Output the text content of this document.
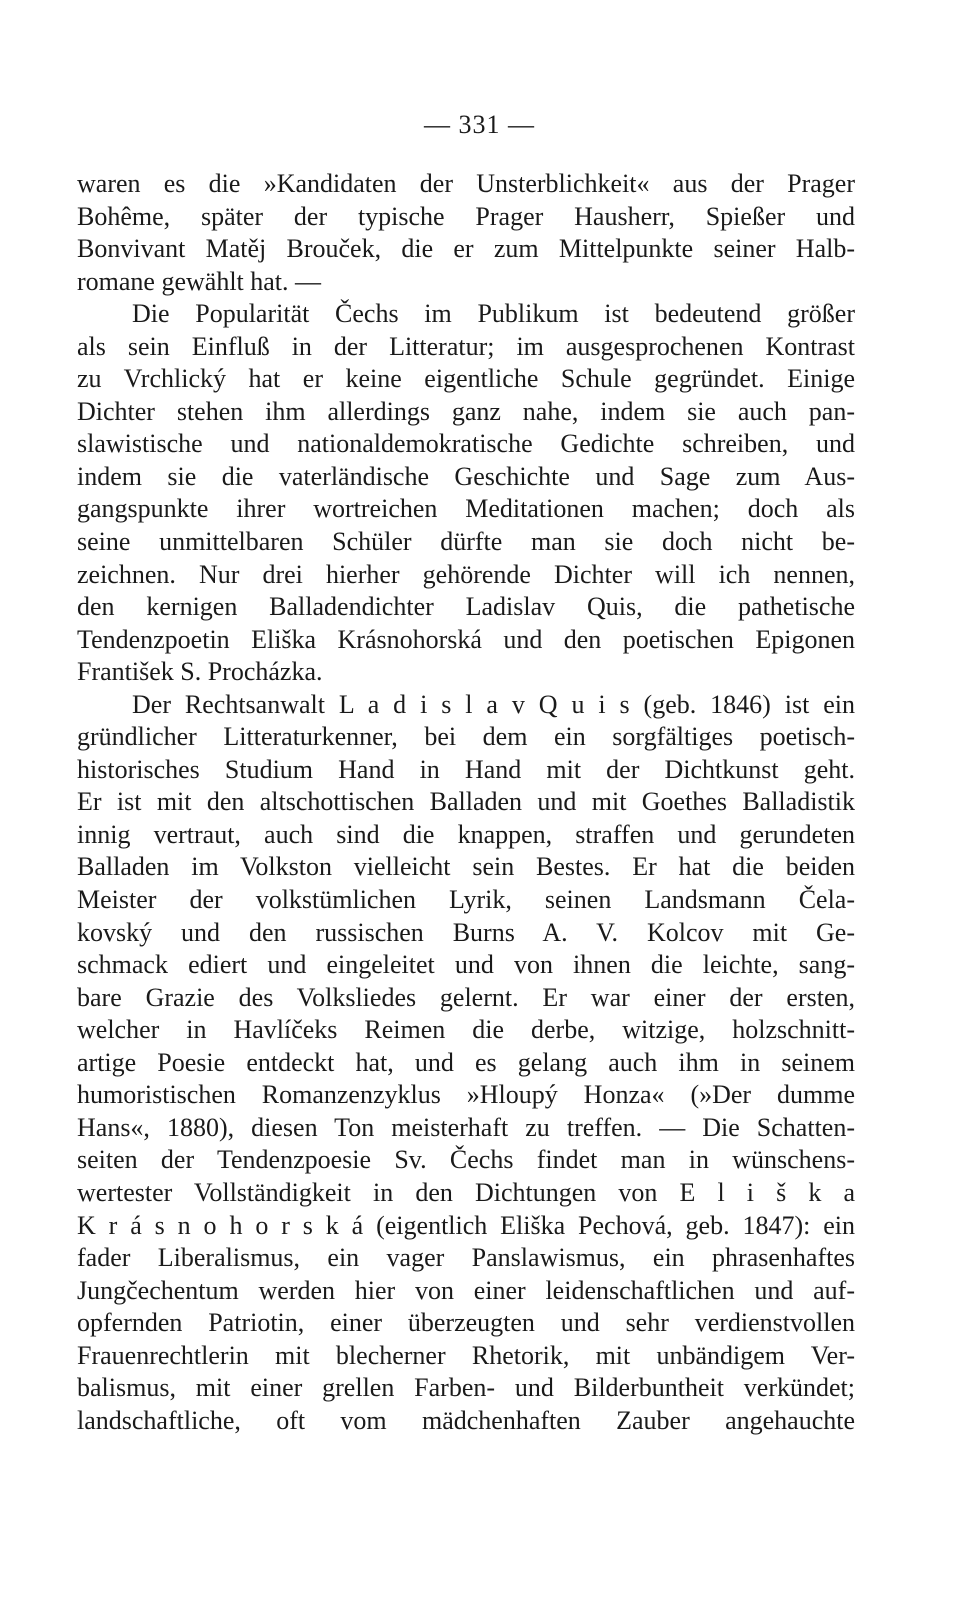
— 331 —
waren es die »Kandidaten der Unsterblichkeit« aus der Prager
Bohême, später der typische Prager Hausherr, Spießer und
Bonvivant Matěj Brouček, die er zum Mittelpunkte seiner Halb-
romane gewählt hat. —
Die Popularität Čechs im Publikum ist bedeutend größer
als sein Einfluß in der Litteratur; im ausgesprochenen Kontrast
zu Vrchlický hat er keine eigentliche Schule gegründet. Einige
Dichter stehen ihm allerdings ganz nahe, indem sie auch pan-
slawistische und nationaldemokratische Gedichte schreiben, und
indem sie die vaterländische Geschichte und Sage zum Aus-
gangspunkte ihrer wortreichen Meditationen machen; doch als
seine unmittelbaren Schüler dürfte man sie doch nicht be-
zeichnen. Nur drei hierher gehörende Dichter will ich nennen,
den kernigen Balladendichter Ladislav Quis, die pathetische
Tendenzpoetin Eliška Krásnohorská und den poetischen Epigonen
František S. Procházka.
Der Rechtsanwalt L a d i s l a v Q u i s (geb. 1846) ist ein
gründlicher Litteraturkenner, bei dem ein sorgfältiges poetisch-
historisches Studium Hand in Hand mit der Dichtkunst geht.
Er ist mit den altschottischen Balladen und mit Goethes Balladistik
innig vertraut, auch sind die knappen, straffen und gerundeten
Balladen im Volkston vielleicht sein Bestes. Er hat die beiden
Meister der volkstümlichen Lyrik, seinen Landsmann Čela-
kovský und den russischen Burns A. V. Kolcov mit Ge-
schmack ediert und eingeleitet und von ihnen die leichte, sang-
bare Grazie des Volksliedes gelernt. Er war einer der ersten,
welcher in Havlíčeks Reimen die derbe, witzige, holzschnitt-
artige Poesie entdeckt hat, und es gelang auch ihm in seinem
humoristischen Romanzenzyklus »Hloupý Honza« (»Der dumme
Hans«, 1880), diesen Ton meisterhaft zu treffen. — Die Schatten-
seiten der Tendenzpoesie Sv. Čechs findet man in wünschens-
wertester Vollständigkeit in den Dichtungen von E l i š k a
K r á s n o h o r s k á (eigentlich Eliška Pechová, geb. 1847): ein
fader Liberalismus, ein vager Panslawismus, ein phrasenhaftes
Jungčechentum werden hier von einer leidenschaftlichen und auf-
opfernden Patriotin, einer überzeugten und sehr verdienstvollen
Frauenrechtlerin mit blecherner Rhetorik, mit unbändigem Ver-
balismus, mit einer grellen Farben- und Bilderbuntheit verkündet;
landschaftliche, oft vom mädchenhaften Zauber angehauchte
